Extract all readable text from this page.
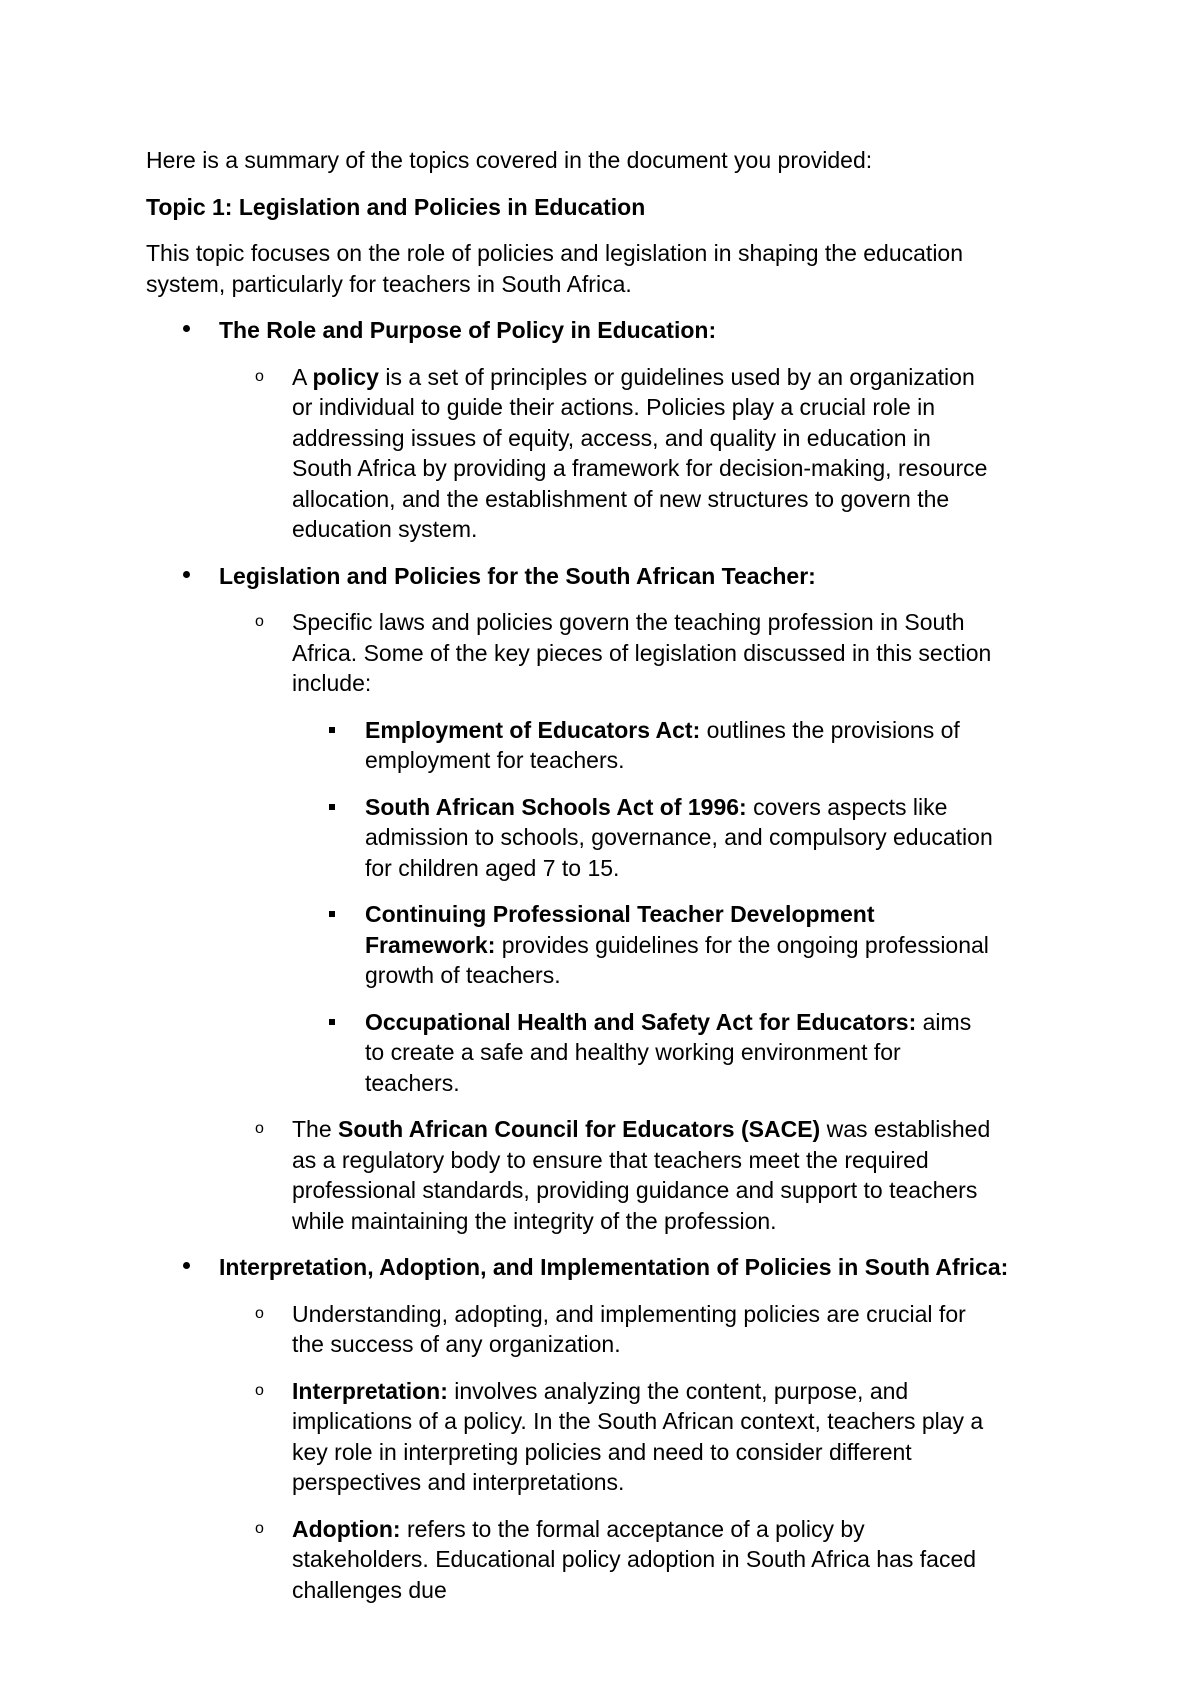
Here is a summary of the topics covered in the document you provided:

Topic 1: Legislation and Policies in Education

This topic focuses on the role of policies and legislation in shaping the education system, particularly for teachers in South Africa.

The Role and Purpose of Policy in Education:
o A policy is a set of principles or guidelines used by an organization or individual to guide their actions. Policies play a crucial role in addressing issues of equity, access, and quality in education in South Africa by providing a framework for decision-making, resource allocation, and the establishment of new structures to govern the education system.
Legislation and Policies for the South African Teacher:
o Specific laws and policies govern the teaching profession in South Africa. Some of the key pieces of legislation discussed in this section include:
Employment of Educators Act: outlines the provisions of employment for teachers.
South African Schools Act of 1996: covers aspects like admission to schools, governance, and compulsory education for children aged 7 to 15.
Continuing Professional Teacher Development Framework: provides guidelines for the ongoing professional growth of teachers.
Occupational Health and Safety Act for Educators: aims to create a safe and healthy working environment for teachers.
o The South African Council for Educators (SACE) was established as a regulatory body to ensure that teachers meet the required professional standards, providing guidance and support to teachers while maintaining the integrity of the profession.
Interpretation, Adoption, and Implementation of Policies in South Africa:
o Understanding, adopting, and implementing policies are crucial for the success of any organization.
o Interpretation: involves analyzing the content, purpose, and implications of a policy. In the South African context, teachers play a key role in interpreting policies and need to consider different perspectives and interpretations.
o Adoption: refers to the formal acceptance of a policy by stakeholders. Educational policy adoption in South Africa has faced challenges due
